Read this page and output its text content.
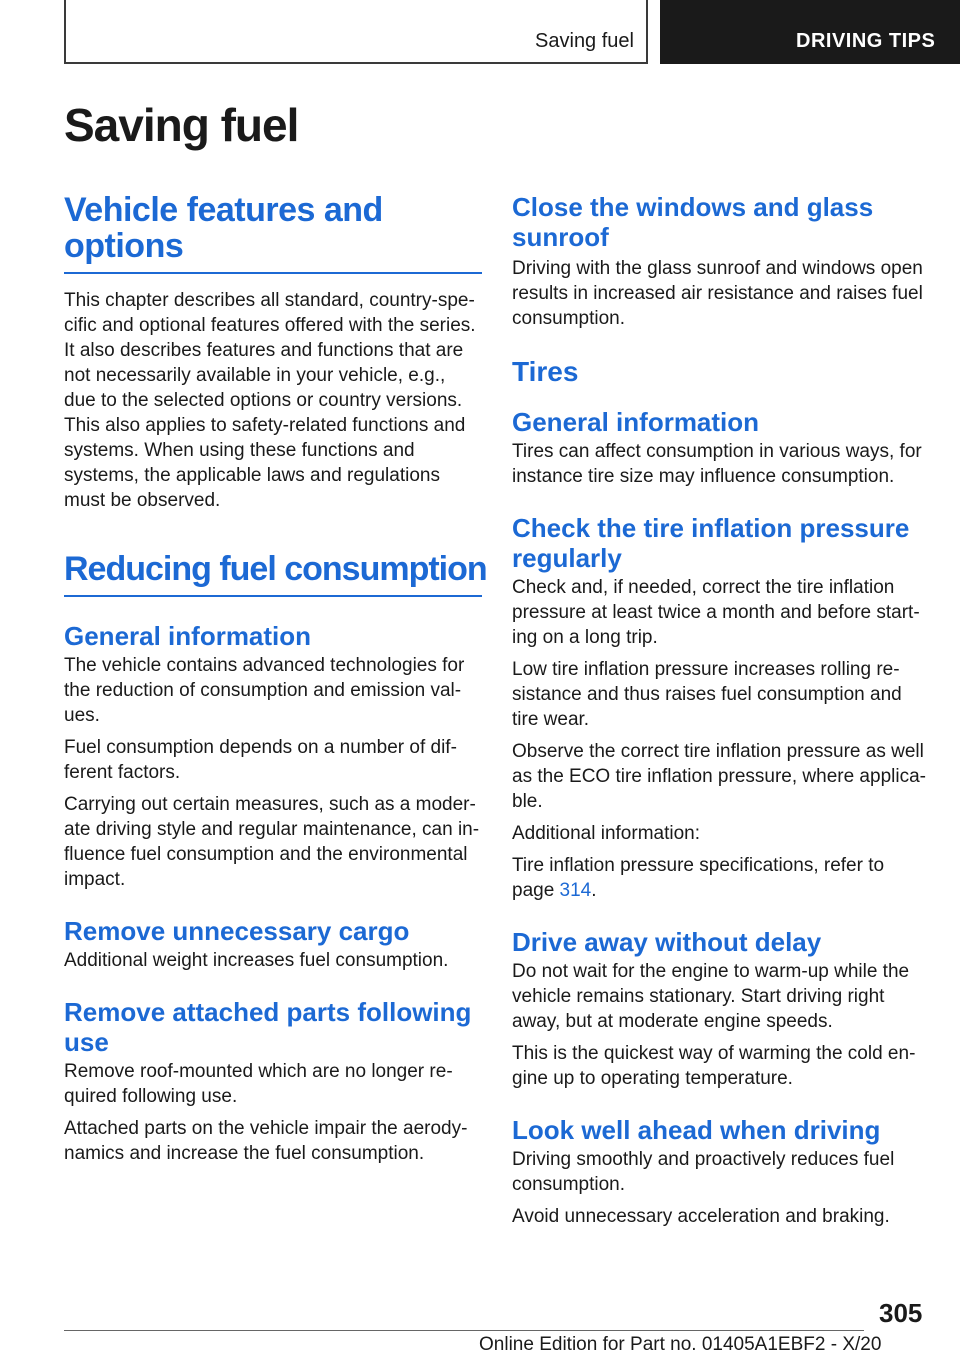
Saving fuel	DRIVING TIPS
Saving fuel
Vehicle features and options

This chapter describes all standard, country-specific and optional features offered with the series. It also describes features and functions that are not necessarily available in your vehicle, e.g., due to the selected options or country versions. This also applies to safety-related functions and systems. When using these functions and systems, the applicable laws and regulations must be observed.

Reducing fuel consumption
General information

The vehicle contains advanced technologies for the reduction of consumption and emission values.

Fuel consumption depends on a number of different factors.

Carrying out certain measures, such as a moderate driving style and regular maintenance, can influence fuel consumption and the environmental impact.

Remove unnecessary cargo

Additional weight increases fuel consumption.

Remove attached parts following use

Remove roof-mounted which are no longer required following use.

Attached parts on the vehicle impair the aerodynamics and increase the fuel consumption.

Close the windows and glass sunroof

Driving with the glass sunroof and windows open results in increased air resistance and raises fuel consumption.

Tires
General information

Tires can affect consumption in various ways, for instance tire size may influence consumption.

Check the tire inflation pressure regularly

Check and, if needed, correct the tire inflation pressure at least twice a month and before starting on a long trip.

Low tire inflation pressure increases rolling resistance and thus raises fuel consumption and tire wear.

Observe the correct tire inflation pressure as well as the ECO tire inflation pressure, where applicable.

Additional information:

Tire inflation pressure specifications, refer to page 314.

Drive away without delay

Do not wait for the engine to warm-up while the vehicle remains stationary. Start driving right away, but at moderate engine speeds.

This is the quickest way of warming the cold engine up to operating temperature.

Look well ahead when driving

Driving smoothly and proactively reduces fuel consumption.

Avoid unnecessary acceleration and braking.

305
Online Edition for Part no. 01405A1EBF2 - X/20
